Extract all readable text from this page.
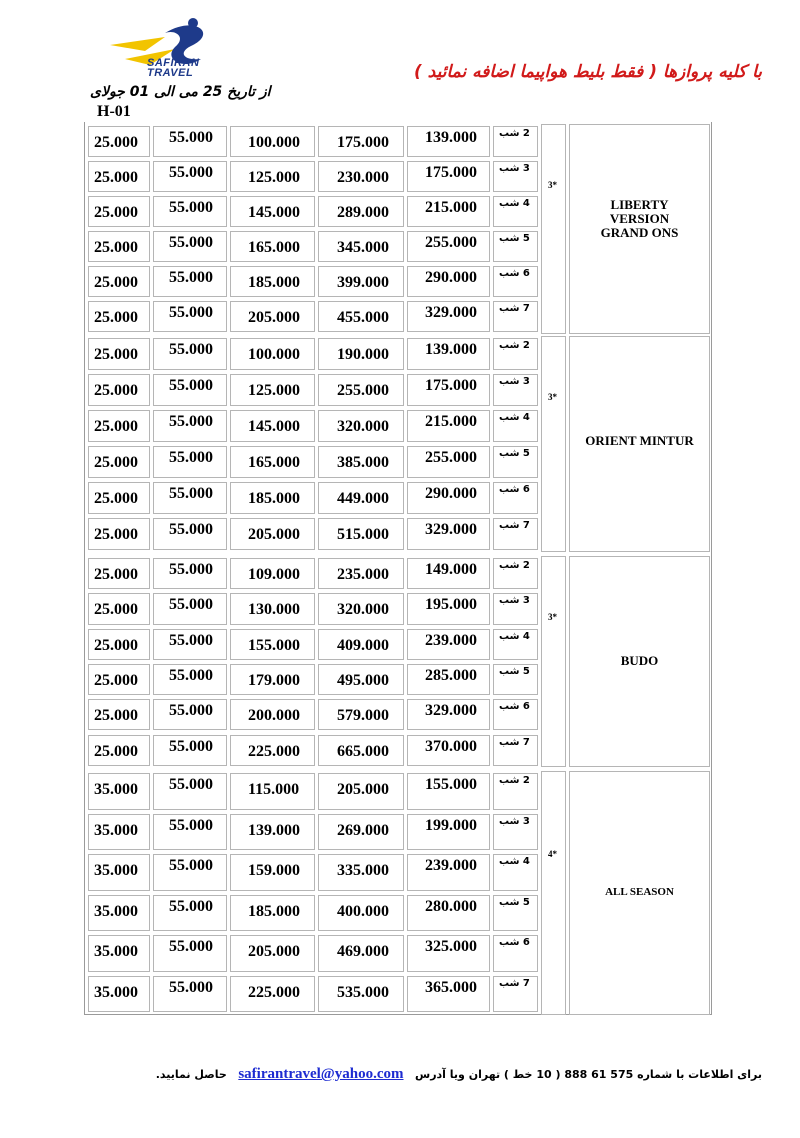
SAFIRAN
TRAVEL	با کلیه پروازها ( فقط بلیط هواپیما اضافه نمائید )
از تاریخ 25 می الی 01 جولای
H-01
25.000 55.000 100.000 175.000 139.000 2 شب
25.000 55.000 125.000 230.000 175.000 3 شب
25.000 55.000 145.000 289.000 215.000 4 شب
25.000 55.000 165.000 345.000 255.000 5 شب
25.000 55.000 185.000 399.000 290.000 6 شب
25.000 55.000 205.000 455.000 329.000 7 شب
3*
LIBERTY
VERSION
GRAND ONS
25.000 55.000 100.000 190.000 139.000 2 شب
25.000 55.000 125.000 255.000 175.000 3 شب
25.000 55.000 145.000 320.000 215.000 4 شب
25.000 55.000 165.000 385.000 255.000 5 شب
25.000 55.000 185.000 449.000 290.000 6 شب
25.000 55.000 205.000 515.000 329.000 7 شب
3*
ORIENT MINTUR
25.000 55.000 109.000 235.000 149.000 2 شب
25.000 55.000 130.000 320.000 195.000 3 شب
25.000 55.000 155.000 409.000 239.000 4 شب
25.000 55.000 179.000 495.000 285.000 5 شب
25.000 55.000 200.000 579.000 329.000 6 شب
25.000 55.000 225.000 665.000 370.000 7 شب
3*
BUDO
35.000 55.000 115.000 205.000 155.000 2 شب
35.000 55.000 139.000 269.000 199.000 3 شب
35.000 55.000 159.000 335.000 239.000 4 شب
35.000 55.000 185.000 400.000 280.000 5 شب
35.000 55.000 205.000 469.000 325.000 6 شب
35.000 55.000 225.000 535.000 365.000 7 شب
4*
ALL SEASON
برای اطلاعات با شماره 575 61 888 ( 10 خط ) تهران ویا آدرس   safirantravel@yahoo.com   حاصل نمایید.
